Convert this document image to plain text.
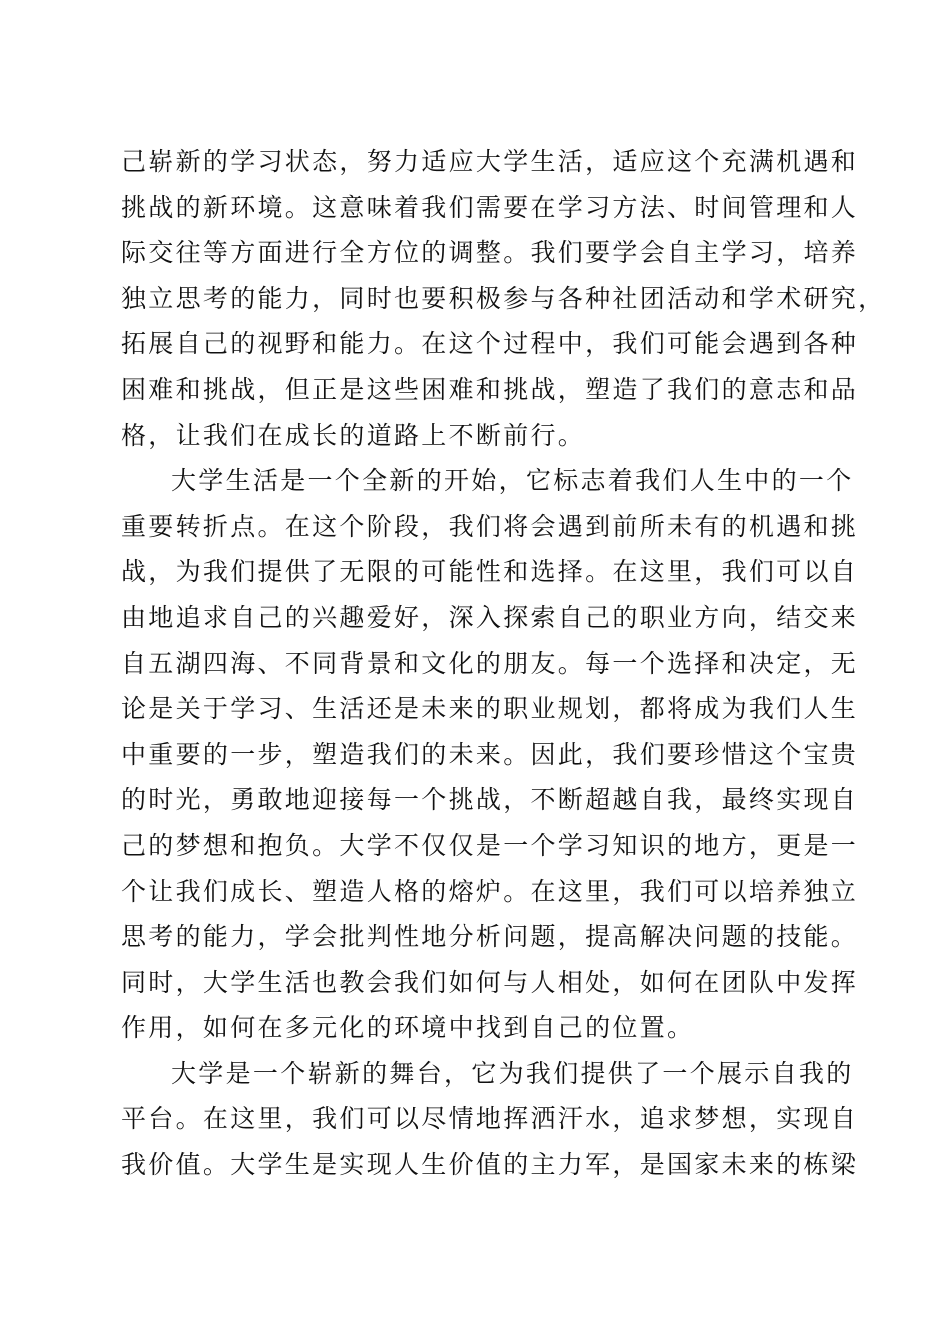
己崭新的学习状态，努力适应大学生活，适应这个充满机遇和
挑战的新环境。这意味着我们需要在学习方法、时间管理和人
际交往等方面进行全方位的调整。我们要学会自主学习，培养
独立思考的能力，同时也要积极参与各种社团活动和学术研究，
拓展自己的视野和能力。在这个过程中，我们可能会遇到各种
困难和挑战，但正是这些困难和挑战，塑造了我们的意志和品
格，让我们在成长的道路上不断前行。
大学生活是一个全新的开始，它标志着我们人生中的一个
重要转折点。在这个阶段，我们将会遇到前所未有的机遇和挑
战，为我们提供了无限的可能性和选择。在这里，我们可以自
由地追求自己的兴趣爱好，深入探索自己的职业方向，结交来
自五湖四海、不同背景和文化的朋友。每一个选择和决定，无
论是关于学习、生活还是未来的职业规划，都将成为我们人生
中重要的一步，塑造我们的未来。因此，我们要珍惜这个宝贵
的时光，勇敢地迎接每一个挑战，不断超越自我，最终实现自
己的梦想和抱负。大学不仅仅是一个学习知识的地方，更是一
个让我们成长、塑造人格的熔炉。在这里，我们可以培养独立
思考的能力，学会批判性地分析问题，提高解决问题的技能。
同时，大学生活也教会我们如何与人相处，如何在团队中发挥
作用，如何在多元化的环境中找到自己的位置。
大学是一个崭新的舞台，它为我们提供了一个展示自我的
平台。在这里，我们可以尽情地挥洒汗水，追求梦想，实现自
我价值。大学生是实现人生价值的主力军，是国家未来的栋梁
